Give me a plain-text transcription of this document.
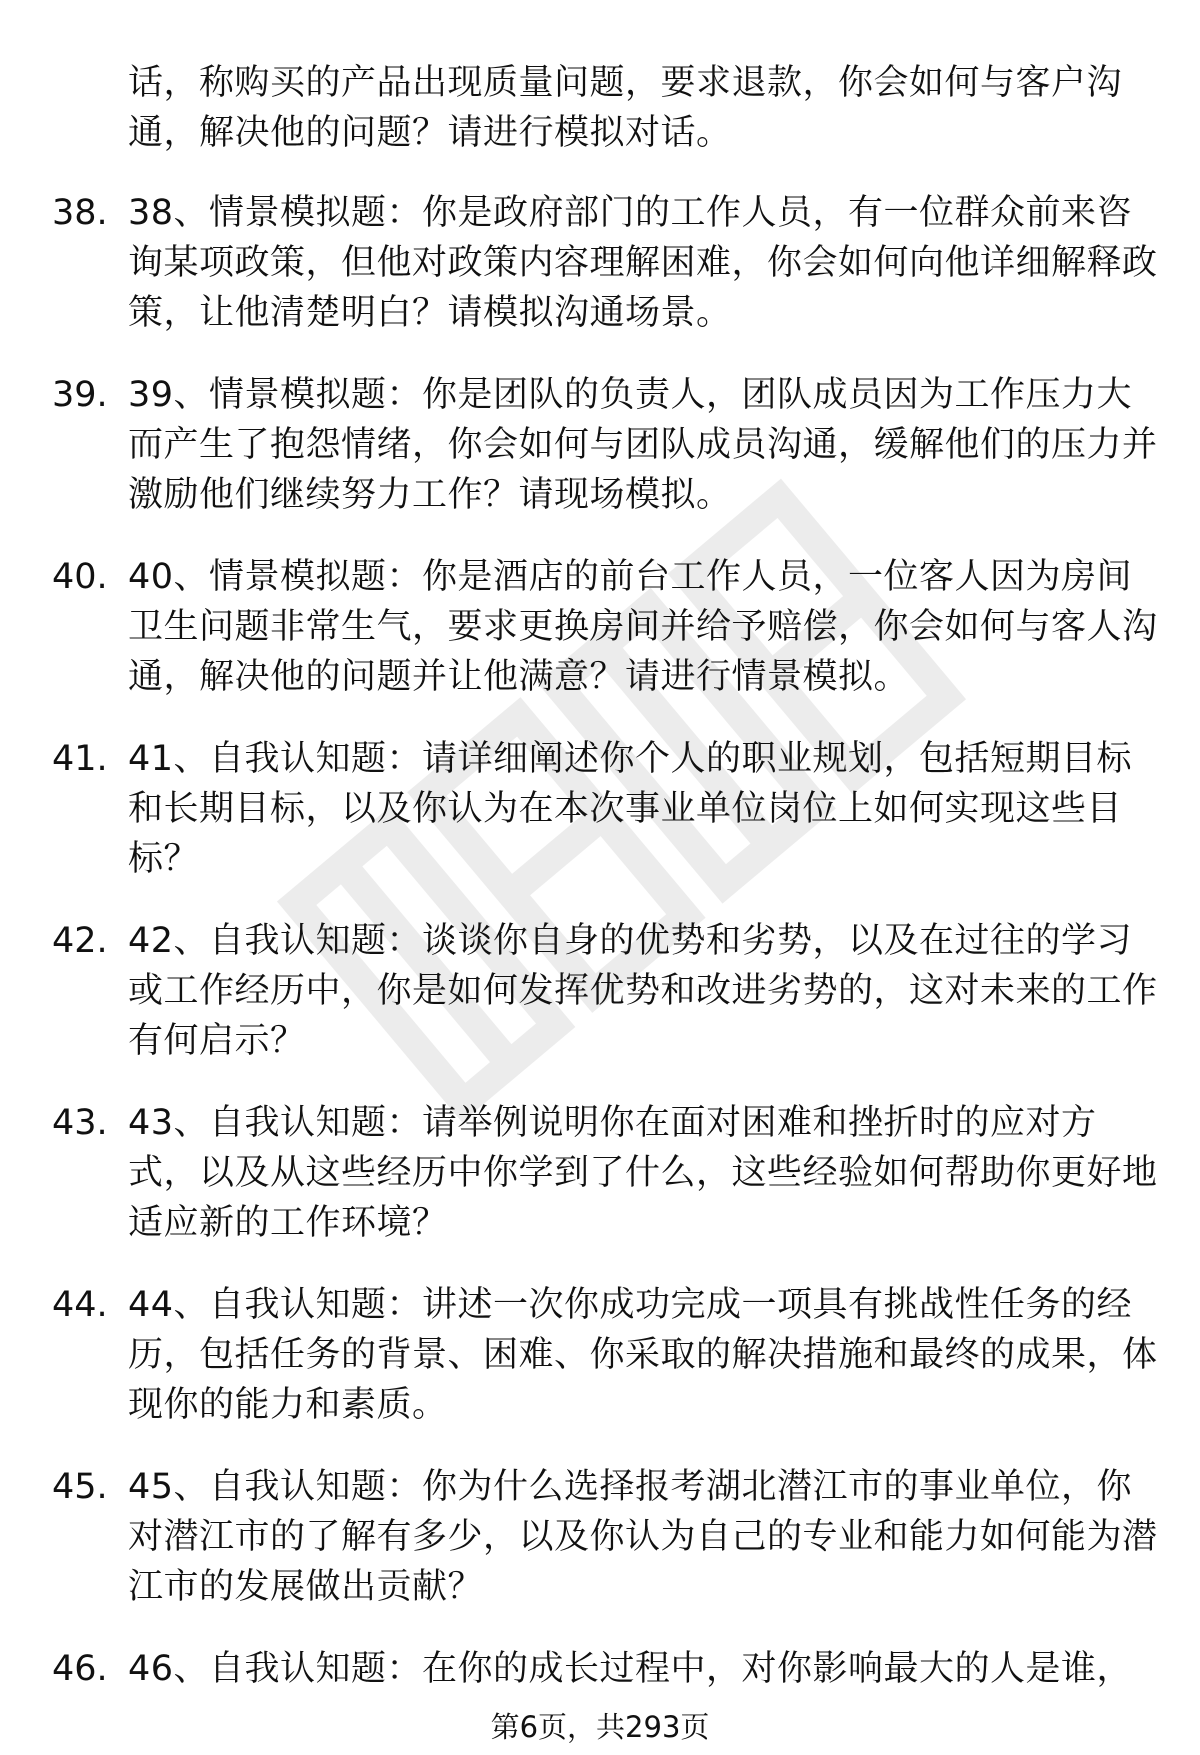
话，称购买的产品出现质量问题，要求退款，你会如何与客户沟通，解决他的问题？请进行模拟对话。

38. 38、情景模拟题：你是政府部门的工作人员，有一位群众前来咨询某项政策，但他对政策内容理解困难，你会如何向他详细解释政策，让他清楚明白？请模拟沟通场景。
39. 39、情景模拟题：你是团队的负责人，团队成员因为工作压力大而产生了抱怨情绪，你会如何与团队成员沟通，缓解他们的压力并激励他们继续努力工作？请现场模拟。
40. 40、情景模拟题：你是酒店的前台工作人员，一位客人因为房间卫生问题非常生气，要求更换房间并给予赔偿，你会如何与客人沟通，解决他的问题并让他满意？请进行情景模拟。
41. 41、自我认知题：请详细阐述你个人的职业规划，包括短期目标和长期目标，以及你认为在本次事业单位岗位上如何实现这些目标？
42. 42、自我认知题：谈谈你自身的优势和劣势，以及在过往的学习或工作经历中，你是如何发挥优势和改进劣势的，这对未来的工作有何启示？
43. 43、自我认知题：请举例说明你在面对困难和挫折时的应对方式，以及从这些经历中你学到了什么，这些经验如何帮助你更好地适应新的工作环境？
44. 44、自我认知题：讲述一次你成功完成一项具有挑战性任务的经历，包括任务的背景、困难、你采取的解决措施和最终的成果，体现你的能力和素质。
45. 45、自我认知题：你为什么选择报考湖北潜江市的事业单位，你对潜江市的了解有多少，以及你认为自己的专业和能力如何能为潜江市的发展做出贡献？
46. 46、自我认知题：在你的成长过程中，对你影响最大的人是谁，
第6页，共293页
